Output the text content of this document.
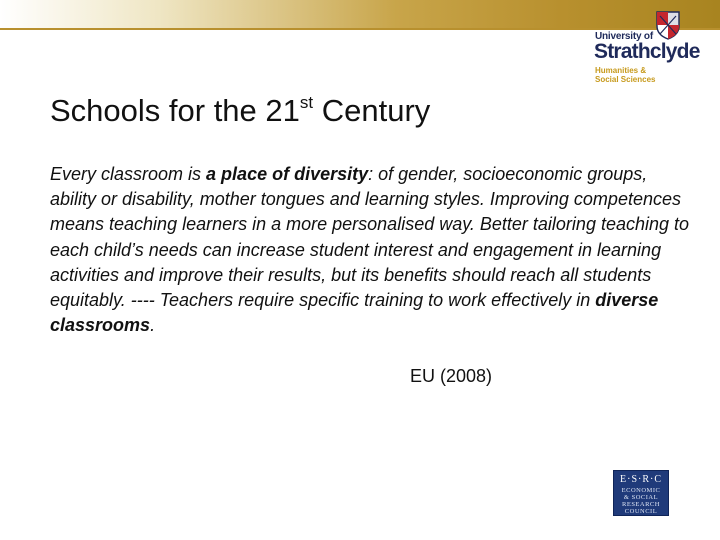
University of
Strathclyde
Humanities &
Social Sciences
Schools for the 21st Century
Every classroom is a place of diversity: of gender, socioeconomic groups, ability or disability, mother tongues and learning styles. Improving competences means teaching learners in a more personalised way. Better tailoring teaching to each child’s needs can increase student interest and engagement in learning activities and improve their results, but its benefits should reach all students equitably. ---- Teachers require specific training to work effectively in diverse classrooms.
EU (2008)
E·S·R·C
ECONOMIC
& SOCIAL
RESEARCH
COUNCIL
